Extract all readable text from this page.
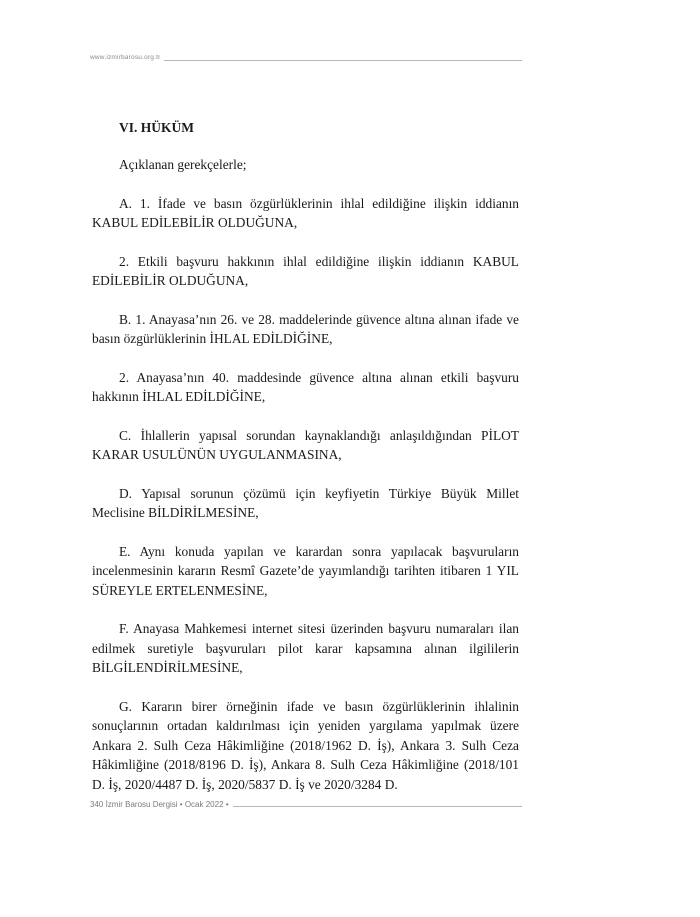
www.izmirbarosu.org.tr
VI. HÜKÜM

Açıklanan gerekçelerle;

A. 1. İfade ve basın özgürlüklerinin ihlal edildiğine ilişkin iddianın KABUL EDİLEBİLİR OLDUĞUNA,

2. Etkili başvuru hakkının ihlal edildiğine ilişkin iddianın KABUL EDİLEBİLİR OLDUĞUNA,

B. 1. Anayasa’nın 26. ve 28. maddelerinde güvence altına alınan ifade ve basın özgürlüklerinin İHLAL EDİLDİĞİNE,

2. Anayasa’nın 40. maddesinde güvence altına alınan etkili başvuru hakkının İHLAL EDİLDİĞİNE,

C. İhlallerin yapısal sorundan kaynaklandığı anlaşıldığından PİLOT KARAR USULÜNÜN UYGULANMASINA,

D. Yapısal sorunun çözümü için keyfiyetin Türkiye Büyük Millet Meclisine BİLDİRİLMESİNE,

E. Aynı konuda yapılan ve karardan sonra yapılacak başvuruların incelenmesinin kararın Resmî Gazete’de yayımlandığı tarihten itibaren 1 YIL SÜREYLE ERTELENMESİNE,

F. Anayasa Mahkemesi internet sitesi üzerinden başvuru numaraları ilan edilmek suretiyle başvuruları pilot karar kapsamına alınan ilgililerin BİLGİLENDİRİLMESİNE,

G. Kararın birer örneğinin ifade ve basın özgürlüklerinin ihlalinin sonuçlarının ortadan kaldırılması için yeniden yargılama yapılmak üzere Ankara 2. Sulh Ceza Hâkimliğine (2018/1962 D. İş), Ankara 3. Sulh Ceza Hâkimliğine (2018/8196 D. İş), Ankara 8. Sulh Ceza Hâkimliğine (2018/101 D. İş, 2020/4487 D. İş, 2020/5837 D. İş ve 2020/3284 D.

340 İzmir Barosu Dergisi • Ocak 2022 •
